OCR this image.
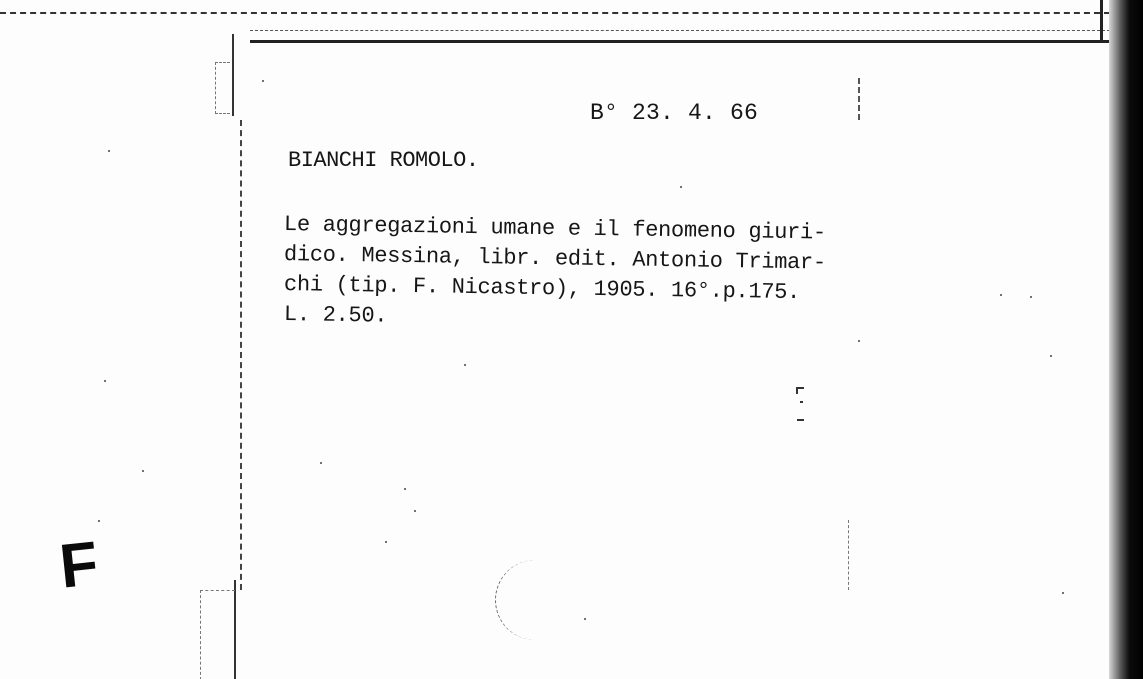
B° 23. 4. 66
BIANCHI ROMOLO.
Le aggregazioni umane e il fenomeno giuri-
dico. Messina, libr. edit. Antonio Trimar-
chi (tip. F. Nicastro), 1905. 16°.p.175.
L. 2.50.
F
